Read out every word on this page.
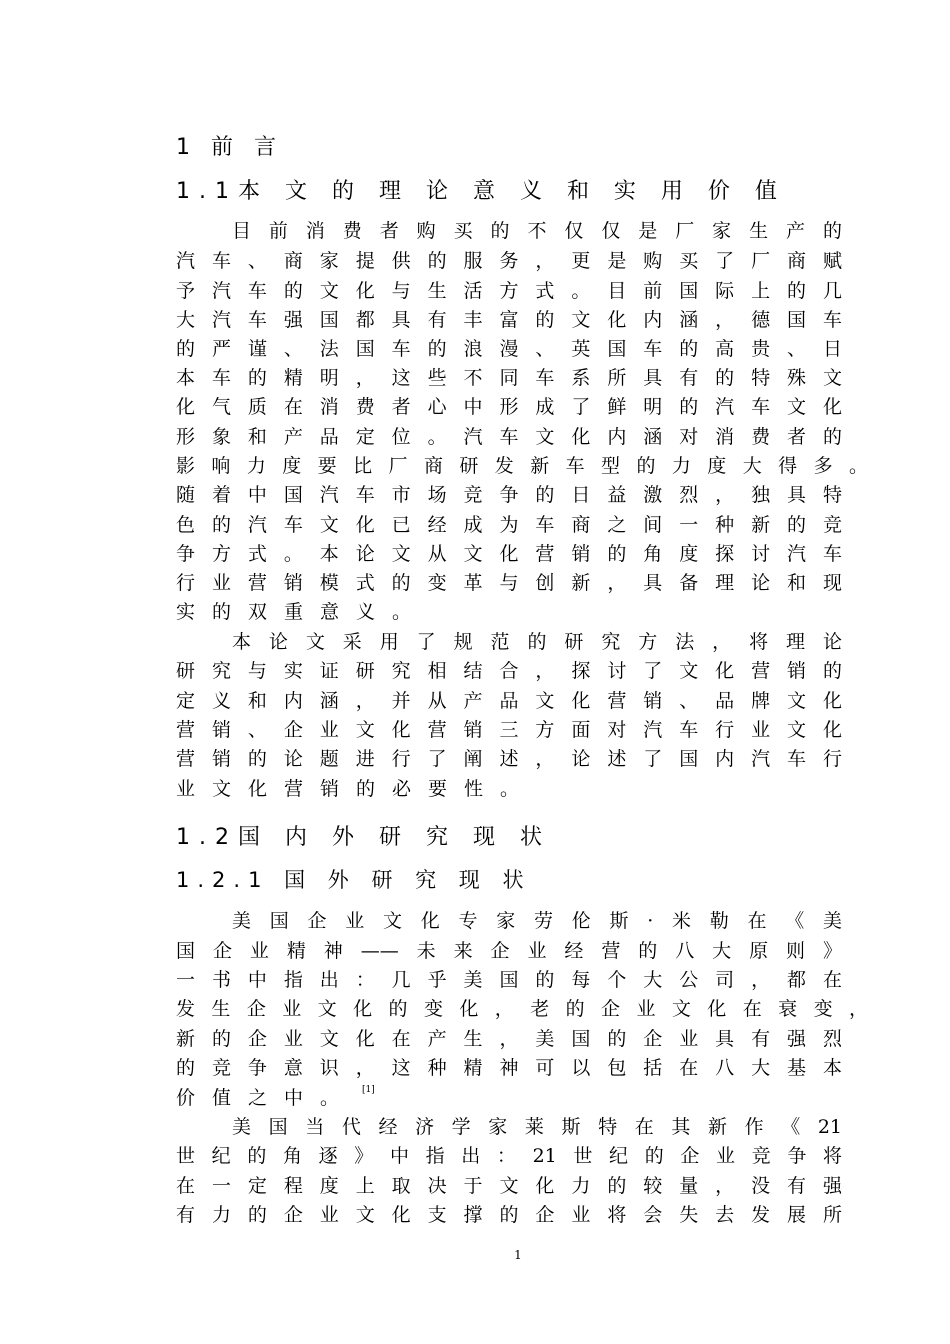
1 前 言
1.1本 文 的 理 论 意 义 和 实 用 价 值
目前消费者购买的不仅仅是厂家生产的
汽车、商家提供的服务，更是购买了厂商赋
予汽车的文化与生活方式。目前国际上的几
大汽车强国都具有丰富的文化内涵，德国车
的严谨、法国车的浪漫、英国车的高贵、日
本车的精明，这些不同车系所具有的特殊文
化气质在消费者心中形成了鲜明的汽车文化
形象和产品定位。汽车文化内涵对消费者的
影响力度要比厂商研发新车型的力度大得多。
随着中国汽车市场竞争的日益激烈，独具特
色的汽车文化已经成为车商之间一种新的竞
争方式。本论文从文化营销的角度探讨汽车
行业营销模式的变革与创新，具备理论和现
实的双重意义。
本论文采用了规范的研究方法，将理论
研究与实证研究相结合，探讨了文化营销的
定义和内涵，并从产品文化营销、品牌文化
营销、企业文化营销三方面对汽车行业文化
营销的论题进行了阐述，论述了国内汽车行
业文化营销的必要性。
1.2国 内 外 研 究 现 状
1.2.1 国 外 研 究 现 状
美国企业文化专家劳伦斯·米勒在《美
国企业精神——未来企业经营的八大原则》
一书中指出：几乎美国的每个大公司，都在
发生企业文化的变化，老的企业文化在衰变，
新的企业文化在产生，美国的企业具有强烈
的竞争意识，这种精神可以包括在八大基本
价值之中。 [1]
美国当代经济学家莱斯特在其新作《21
世纪的角逐》中指出：21世纪的企业竞争将
在一定程度上取决于文化力的较量，没有强
有力的企业文化支撑的企业将会失去发展所
1
